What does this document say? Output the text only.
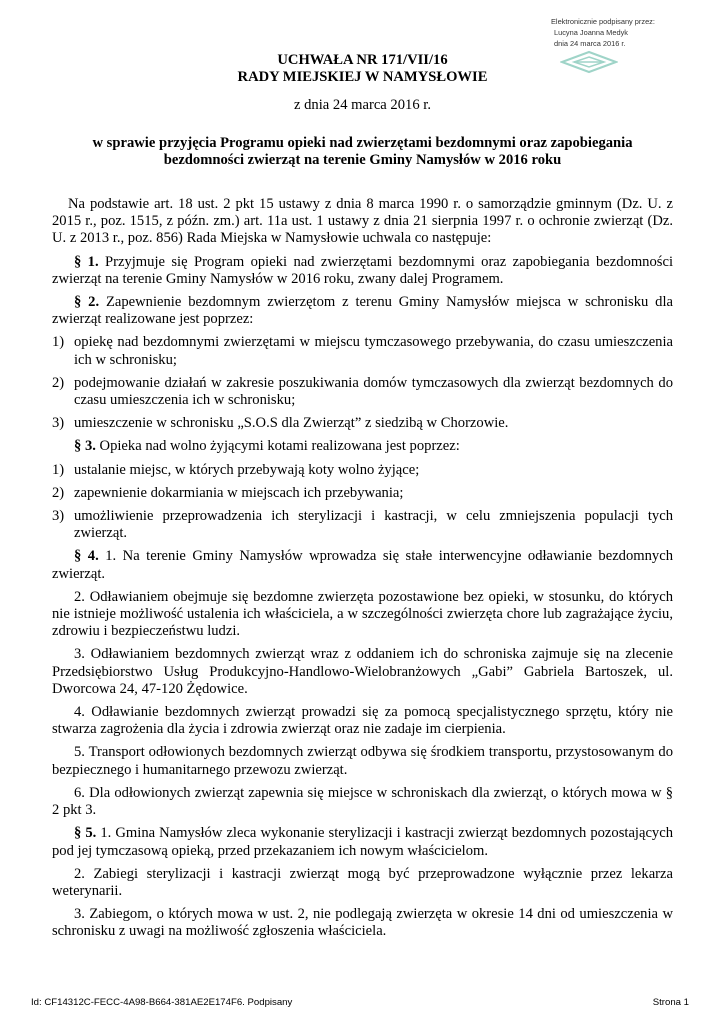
Elektronicznie podpisany przez:
Lucyna Joanna Medyk
dnia 24 marca 2016 r.
UCHWAŁA NR 171/VII/16
RADY MIEJSKIEJ W NAMYSŁOWIE
z dnia 24 marca 2016 r.
w sprawie przyjęcia Programu opieki nad zwierzętami bezdomnymi oraz zapobiegania
bezdomności zwierząt na terenie Gminy Namysłów w 2016 roku

Na podstawie art. 18 ust. 2 pkt 15 ustawy z dnia 8 marca 1990 r. o samorządzie gminnym (Dz. U. z 2015 r., poz. 1515, z późn. zm.) art. 11a ust. 1 ustawy z dnia 21 sierpnia 1997 r. o ochronie zwierząt (Dz. U. z 2013 r., poz. 856) Rada Miejska w Namysłowie uchwala co następuje:

§ 1. Przyjmuje się Program opieki nad zwierzętami bezdomnymi oraz zapobiegania bezdomności zwierząt na terenie Gminy Namysłów w 2016 roku, zwany dalej Programem.

§ 2. Zapewnienie bezdomnym zwierzętom z terenu Gminy Namysłów miejsca w schronisku dla zwierząt realizowane jest poprzez:

1) opiekę nad bezdomnymi zwierzętami w miejscu tymczasowego przebywania, do czasu umieszczenia ich w schronisku;
2) podejmowanie działań w zakresie poszukiwania domów tymczasowych dla zwierząt bezdomnych do czasu umieszczenia ich w schronisku;
3) umieszczenie w schronisku „S.O.S dla Zwierząt” z siedzibą w Chorzowie.

§ 3. Opieka nad wolno żyjącymi kotami realizowana jest poprzez:

1) ustalanie miejsc, w których przebywają koty wolno żyjące;
2) zapewnienie dokarmiania w miejscach ich przebywania;
3) umożliwienie przeprowadzenia ich sterylizacji i kastracji, w celu zmniejszenia populacji tych zwierząt.

§ 4. 1. Na terenie Gminy Namysłów wprowadza się stałe interwencyjne odławianie bezdomnych zwierząt.

2. Odławianiem obejmuje się bezdomne zwierzęta pozostawione bez opieki, w stosunku, do których nie istnieje możliwość ustalenia ich właściciela, a w szczególności zwierzęta chore lub zagrażające życiu, zdrowiu i bezpieczeństwu ludzi.

3. Odławianiem bezdomnych zwierząt wraz z oddaniem ich do schroniska zajmuje się na zlecenie Przedsiębiorstwo Usług Produkcyjno-Handlowo-Wielobranżowych „Gabi” Gabriela Bartoszek, ul. Dworcowa 24, 47-120 Żędowice.

4. Odławianie bezdomnych zwierząt prowadzi się za pomocą specjalistycznego sprzętu, który nie stwarza zagrożenia dla życia i zdrowia zwierząt oraz nie zadaje im cierpienia.

5. Transport odłowionych bezdomnych zwierząt odbywa się środkiem transportu, przystosowanym do bezpiecznego i humanitarnego przewozu zwierząt.

6. Dla odłowionych zwierząt zapewnia się miejsce w schroniskach dla zwierząt, o których mowa w § 2 pkt 3.

§ 5. 1. Gmina Namysłów zleca wykonanie sterylizacji i kastracji zwierząt bezdomnych pozostających pod jej tymczasową opieką, przed przekazaniem ich nowym właścicielom.

2. Zabiegi sterylizacji i kastracji zwierząt mogą być przeprowadzone wyłącznie przez lekarza weterynarii.

3. Zabiegom, o których mowa w ust. 2, nie podlegają zwierzęta w okresie 14 dni od umieszczenia w schronisku z uwagi na możliwość zgłoszenia właściciela.

Id: CF14312C-FECC-4A98-B664-381AE2E174F6. Podpisany	Strona 1
